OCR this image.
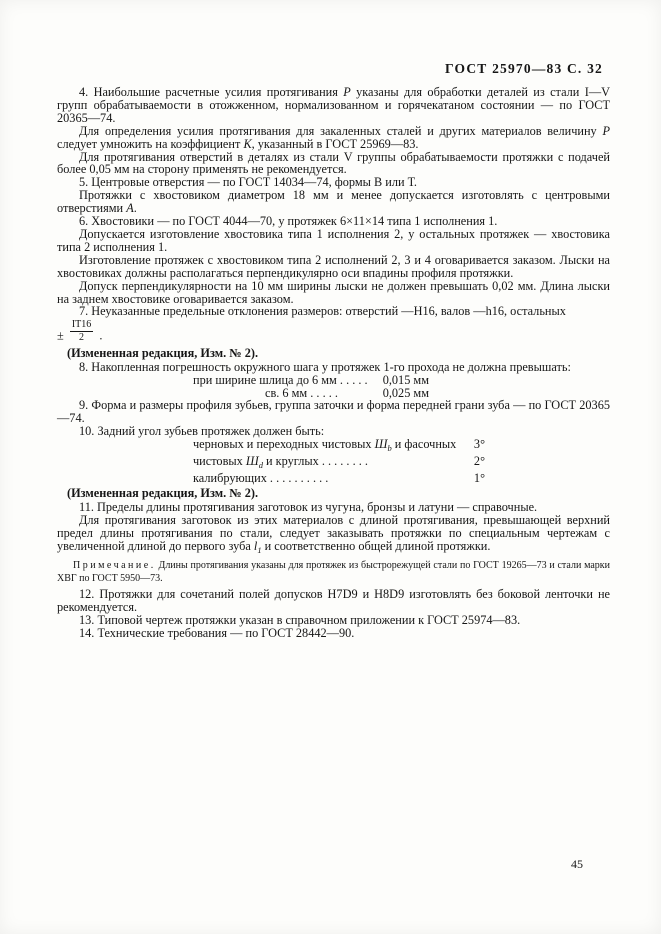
ГОСТ 25970—83 С. 32

4. Наибольшие расчетные усилия протягивания Р указаны для обработки деталей из стали I—V групп обрабатываемости в отожженном, нормализованном и горячекатаном состоянии — по ГОСТ 20365—74.

Для определения усилия протягивания для закаленных сталей и других материалов величину Р следует умножить на коэффициент К, указанный в ГОСТ 25969—83.

Для протягивания отверстий в деталях из стали V группы обрабатываемости протяжки с подачей более 0,05 мм на сторону применять не рекомендуется.

5. Центровые отверстия — по ГОСТ 14034—74, формы В или Т.

Протяжки с хвостовиком диаметром 18 мм и менее допускается изготовлять с центровыми отверстиями А.

6. Хвостовики — по ГОСТ 4044—70, у протяжек 6×11×14 типа 1 исполнения 1.

Допускается изготовление хвостовика типа 1 исполнения 2, у остальных протяжек — хвостовика типа 2 исполнения 1.

Изготовление протяжек с хвостовиком типа 2 исполнений 2, 3 и 4 оговаривается заказом. Лыски на хвостовиках должны располагаться перпендикулярно оси впадины профиля протяжки.

Допуск перпендикулярности на 10 мм ширины лыски не должен превышать 0,02 мм. Длина лыски на заднем хвостовике оговаривается заказом.

7. Неуказанные предельные отклонения размеров: отверстий —H16, валов —h16, остальных

± $\frac{IT16}{2}$ .

(Измененная редакция, Изм. № 2).

8. Накопленная погрешность окружного шага у протяжек 1-го прохода не должна превышать:

при ширине шлица до 6 мм . . . . . 0,015 мм

св. 6 мм . . . . .	0,025 мм

9. Форма и размеры профиля зубьев, группа заточки и форма передней грани зуба — по ГОСТ 20365—74.

10. Задний угол зубьев протяжек должен быть:

черновых и переходных чистовых $Ш_b$ и фасочных 3°

чистовых $Ш_d$ и круглых . . . . . . . .	2°

калибрующих . . . . . . . . . .	1°

(Измененная редакция, Изм. № 2).

11. Пределы длины протягивания заготовок из чугуна, бронзы и латуни — справочные.

Для протягивания заготовок из этих материалов с длиной протягивания, превышающей верхний предел длины протягивания по стали, следует заказывать протяжки по специальным чертежам с увеличенной длиной до первого зуба $l_1$ и соответственно общей длиной протяжки.

Примечание. Длины протягивания указаны для протяжек из быстрорежущей стали по ГОСТ 19265—73 и стали марки ХВГ по ГОСТ 5950—73.

12. Протяжки для сочетаний полей допусков H7D9 и H8D9 изготовлять без боковой ленточки не рекомендуется.

13. Типовой чертеж протяжки указан в справочном приложении к ГОСТ 25974—83.

14. Технические требования — по ГОСТ 28442—90.

45
